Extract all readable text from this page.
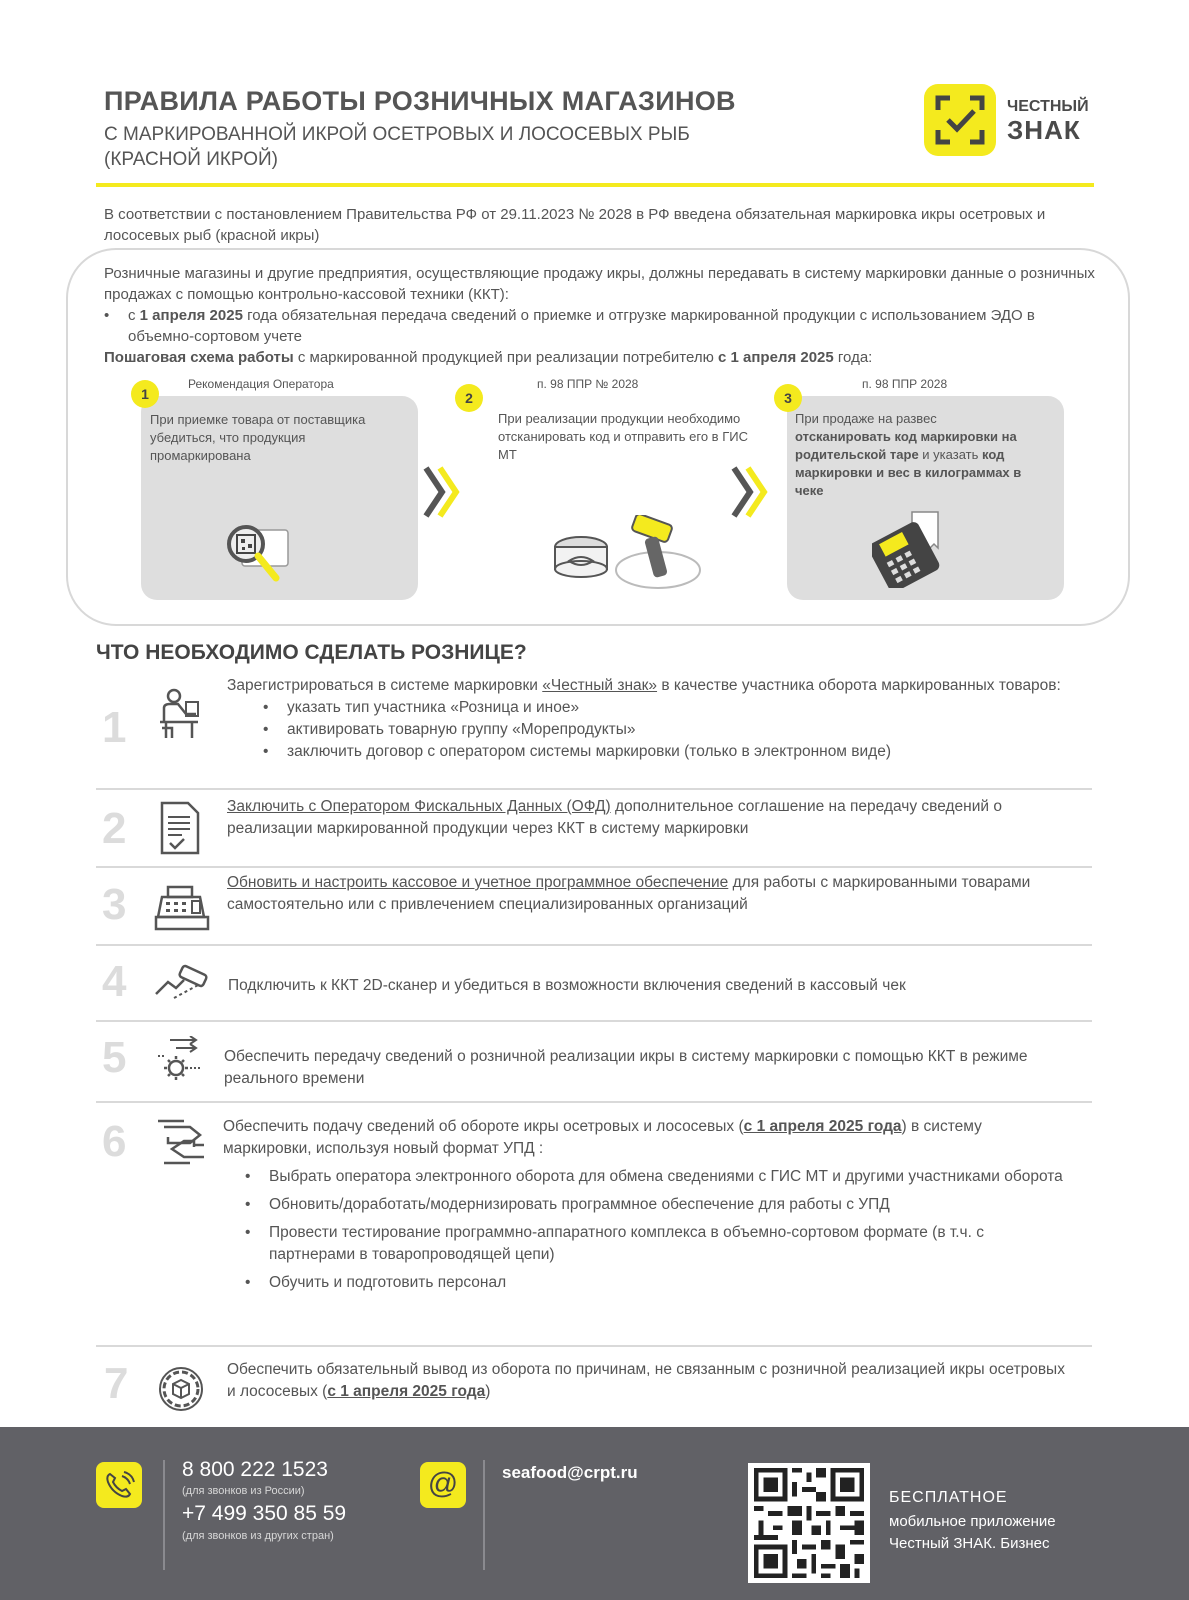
ПРАВИЛА РАБОТЫ РОЗНИЧНЫХ МАГАЗИНОВ
С МАРКИРОВАННОЙ ИКРОЙ ОСЕТРОВЫХ И ЛОСОСЕВЫХ РЫБ
(КРАСНОЙ ИКРОЙ)
ЧЕСТНЫЙ
ЗНАК
В соответствии с постановлением Правительства РФ от 29.11.2023 № 2028 в РФ введена обязательная маркировка икры осетровых и лососевых рыб (красной икры)
Розничные магазины и другие предприятия, осуществляющие продажу икры, должны передавать в систему маркировки данные о розничных продажах с помощью контрольно-кассовой техники (ККТ):
•	с 1 апреля 2025 года обязательная передача сведений о приемке и отгрузке маркированной продукции с использованием ЭДО в объемно-сортовом учете
Пошаговая схема работы с маркированной продукцией при реализации потребителю с 1 апреля 2025 года:
Рекомендация Оператора
1
При приемке товара от поставщика убедиться, что продукция промаркирована
2
п. 98 ППР № 2028
При реализации продукции необходимо отсканировать код и отправить его в ГИС МТ
п. 98 ППР 2028
3
При продаже на развес отсканировать код маркировки на родительской таре и указать код маркировки и вес в килограммах в чеке
ЧТО НЕОБХОДИМО СДЕЛАТЬ РОЗНИЦЕ?
1
Зарегистрироваться в системе маркировки «Честный знак» в качестве участника оборота маркированных товаров:
• указать тип участника «Розница и иное»
• активировать товарную группу «Морепродукты»
• заключить договор с оператором системы маркировки (только в электронном виде)
2	Заключить с Оператором Фискальных Данных (ОФД) дополнительное соглашение на передачу сведений о реализации маркированной продукции через ККТ в систему маркировки
3	Обновить и настроить кассовое и учетное программное обеспечение для работы с маркированными товарами самостоятельно или с привлечением специализированных организаций
4	Подключить к ККТ 2D-сканер и убедиться в возможности включения сведений в кассовый чек
5	Обеспечить передачу сведений о розничной реализации икры в систему маркировки с помощью ККТ в режиме реального времени
6	Обеспечить подачу сведений об обороте икры осетровых и лососевых (с 1 апреля 2025 года) в систему маркировки, используя новый формат УПД :
• Выбрать оператора электронного оборота для обмена сведениями с ГИС МТ и другими участниками оборота
• Обновить/доработать/модернизировать программное обеспечение для работы с УПД
• Провести тестирование программно-аппаратного комплекса в объемно-сортовом формате (в т.ч. с партнерами в товаропроводящей цепи)
• Обучить и подготовить персонал
7	Обеспечить обязательный вывод из оборота по причинам, не связанным с розничной реализацией икры осетровых и лососевых (с 1 апреля 2025 года)
8 800 222 1523
(для звонков из России)
+7 499 350 85 59
(для звонков из других стран)
@	seafood@crpt.ru
БЕСПЛАТНОЕ
мобильное приложение
Честный ЗНАК. Бизнес
